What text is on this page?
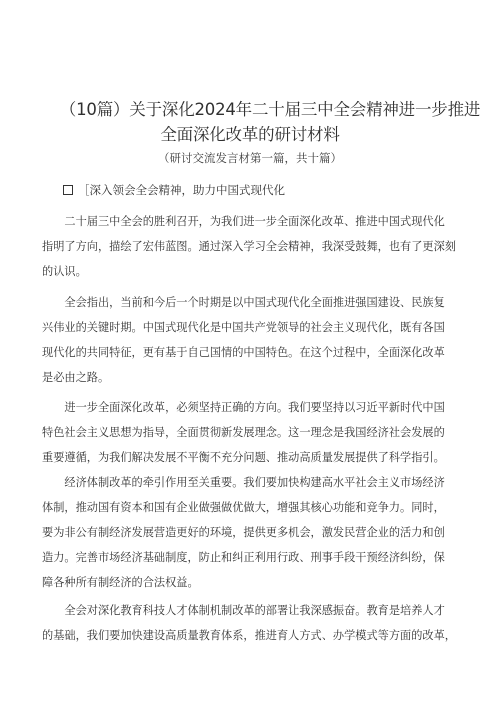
（10篇）关于深化2024年二十届三中全会精神进一步推进
全面深化改革的研讨材料
（研讨交流发言材第一篇，共十篇）
［深入领会全会精神，助力中国式现代化

　　二十届三中全会的胜利召开，为我们进一步全面深化改革、推进中国式现代化

指明了方向，描绘了宏伟蓝图。通过深入学习全会精神，我深受鼓舞，也有了更深刻

的认识。

　　全会指出，当前和今后一个时期是以中国式现代化全面推进强国建设、民族复

兴伟业的关键时期。中国式现代化是中国共产党领导的社会主义现代化，既有各国

现代化的共同特征，更有基于自己国情的中国特色。在这个过程中，全面深化改革

是必由之路。

　　进一步全面深化改革，必须坚持正确的方向。我们要坚持以习近平新时代中国

特色社会主义思想为指导，全面贯彻新发展理念。这一理念是我国经济社会发展的

重要遵循，为我们解决发展不平衡不充分问题、推动高质量发展提供了科学指引。

　　经济体制改革的牵引作用至关重要。我们要加快构建高水平社会主义市场经济

体制，推动国有资本和国有企业做强做优做大，增强其核心功能和竞争力。同时，

要为非公有制经济发展营造更好的环境，提供更多机会，激发民营企业的活力和创

造力。完善市场经济基础制度，防止和纠正利用行政、刑事手段干预经济纠纷，保

障各种所有制经济的合法权益。

　　全会对深化教育科技人才体制机制改革的部署让我深感振奋。教育是培养人才

的基础，我们要加快建设高质量教育体系，推进育人方式、办学模式等方面的改革，
